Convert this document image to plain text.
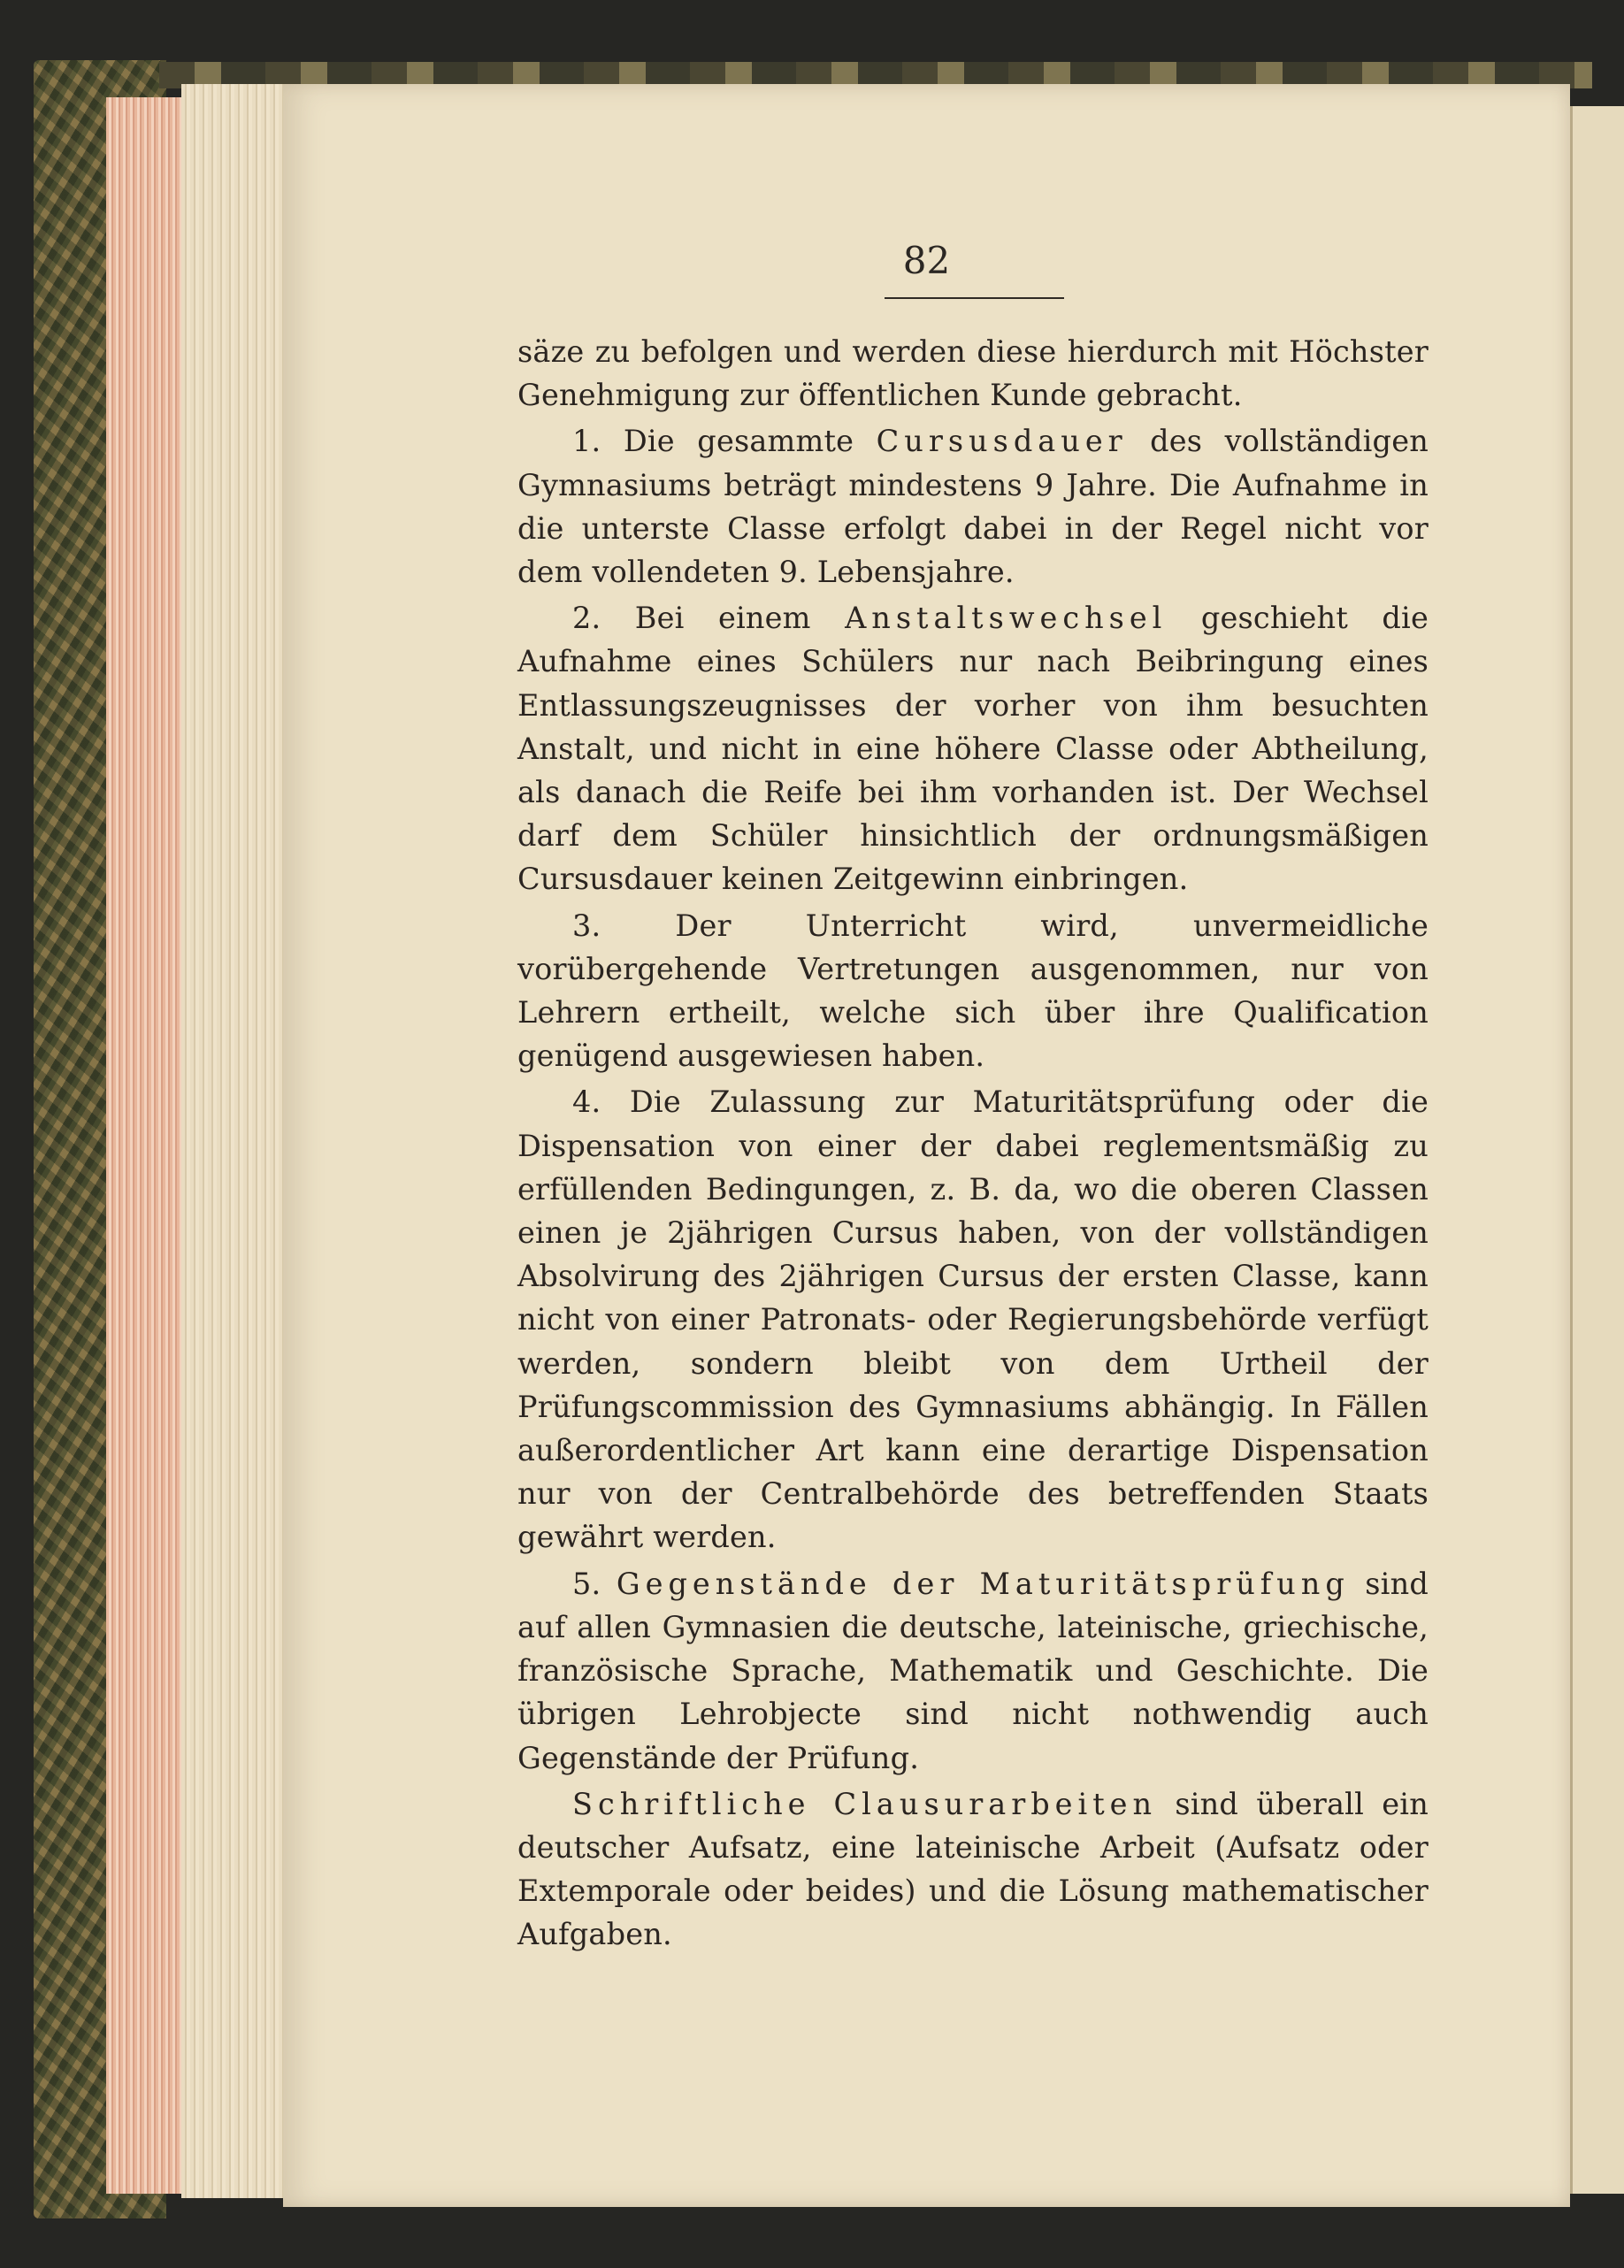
82

säze zu befolgen und werden diese hierdurch mit Höchster Genehmigung zur öffentlichen Kunde gebracht.

1. Die gesammte Cursusdauer des vollständigen Gymnasiums beträgt mindestens 9 Jahre. Die Aufnahme in die unterste Classe erfolgt dabei in der Regel nicht vor dem vollendeten 9. Lebensjahre.

2. Bei einem Anstaltswechsel geschieht die Aufnahme eines Schülers nur nach Beibringung eines Entlassungszeugnisses der vorher von ihm besuchten Anstalt, und nicht in eine höhere Classe oder Abtheilung, als danach die Reife bei ihm vorhanden ist. Der Wechsel darf dem Schüler hinsichtlich der ordnungsmäßigen Cursusdauer keinen Zeitgewinn einbringen.

3. Der Unterricht wird, unvermeidliche vorübergehende Vertretungen ausgenommen, nur von Lehrern ertheilt, welche sich über ihre Qualification genügend ausgewiesen haben.

4. Die Zulassung zur Maturitätsprüfung oder die Dispensation von einer der dabei reglementsmäßig zu erfüllenden Bedingungen, z. B. da, wo die oberen Classen einen je 2jährigen Cursus haben, von der vollständigen Absolvirung des 2jährigen Cursus der ersten Classe, kann nicht von einer Patronats- oder Regierungsbehörde verfügt werden, sondern bleibt von dem Urtheil der Prüfungscommission des Gymnasiums abhängig. In Fällen außerordentlicher Art kann eine derartige Dispensation nur von der Centralbehörde des betreffenden Staats gewährt werden.

5. Gegenstände der Maturitätsprüfung sind auf allen Gymnasien die deutsche, lateinische, griechische, französische Sprache, Mathematik und Geschichte. Die übrigen Lehrobjecte sind nicht nothwendig auch Gegenstände der Prüfung.

Schriftliche Clausurarbeiten sind überall ein deutscher Aufsatz, eine lateinische Arbeit (Aufsatz oder Extemporale oder beides) und die Lösung mathematischer Aufgaben.
